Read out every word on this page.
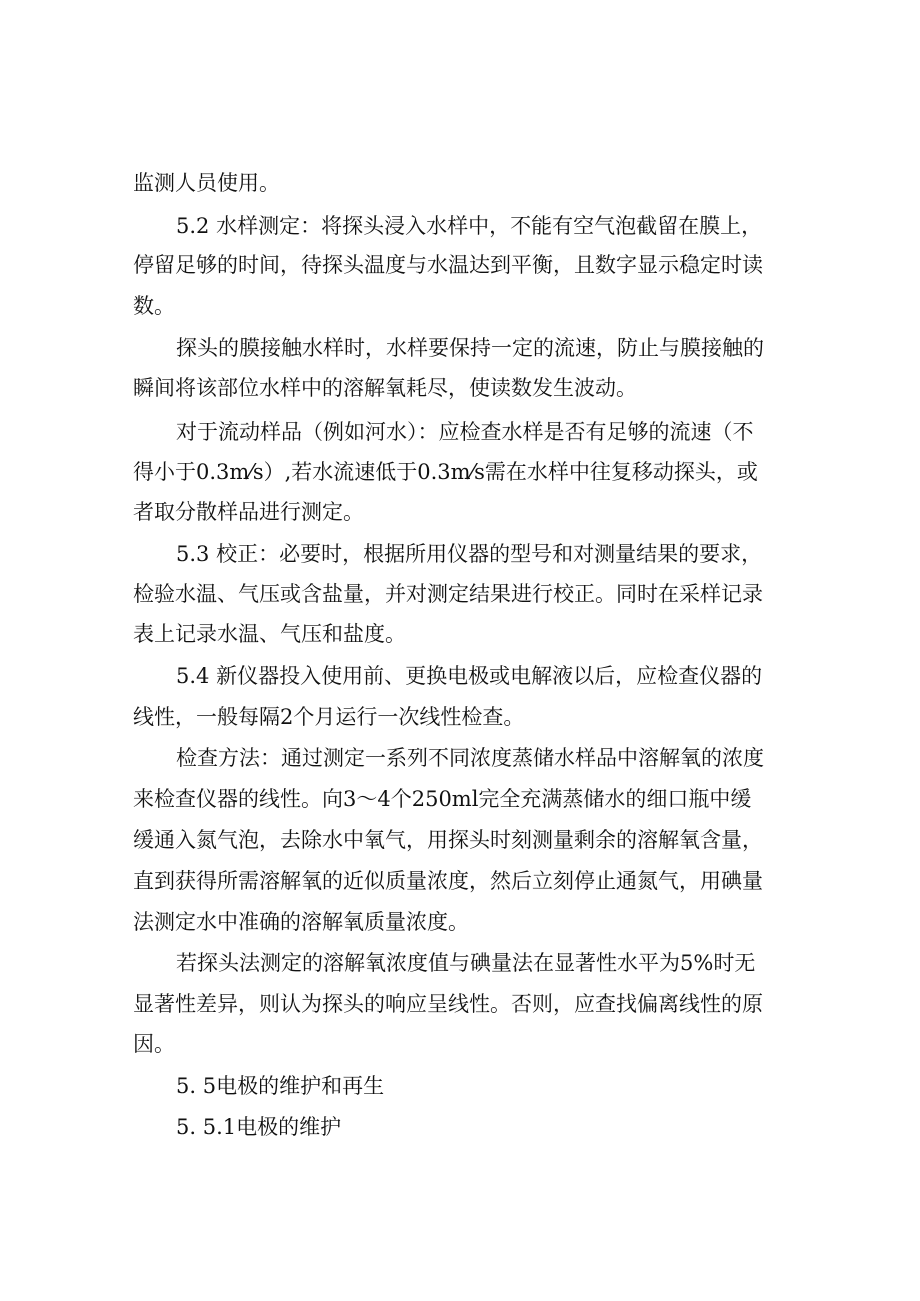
监测人员使用。

5.2 水样测定：将探头浸入水样中，不能有空气泡截留在膜上，

停留足够的时间，待探头温度与水温达到平衡，且数字显示稳定时读

数。

探头的膜接触水样时，水样要保持一定的流速，防止与膜接触的

瞬间将该部位水样中的溶解氧耗尽，使读数发生波动。

对于流动样品（例如河水）：应检查水样是否有足够的流速（不

得小于0.3m⁄s）,若水流速低于0.3m⁄s需在水样中往复移动探头，或

者取分散样品进行测定。

5.3 校正：必要时，根据所用仪器的型号和对测量结果的要求，

检验水温、气压或含盐量，并对测定结果进行校正。同时在采样记录

表上记录水温、气压和盐度。

5.4 新仪器投入使用前、更换电极或电解液以后，应检查仪器的

线性，一般每隔2个月运行一次线性检查。

检查方法：通过测定一系列不同浓度蒸储水样品中溶解氧的浓度

来检查仪器的线性。向3～4个250ml完全充满蒸储水的细口瓶中缓

缓通入氮气泡，去除水中氧气，用探头时刻测量剩余的溶解氧含量，

直到获得所需溶解氧的近似质量浓度，然后立刻停止通氮气，用碘量

法测定水中准确的溶解氧质量浓度。

若探头法测定的溶解氧浓度值与碘量法在显著性水平为5%时无

显著性差异，则认为探头的响应呈线性。否则，应查找偏离线性的原

因。

5. 5电极的维护和再生

5. 5.1电极的维护
